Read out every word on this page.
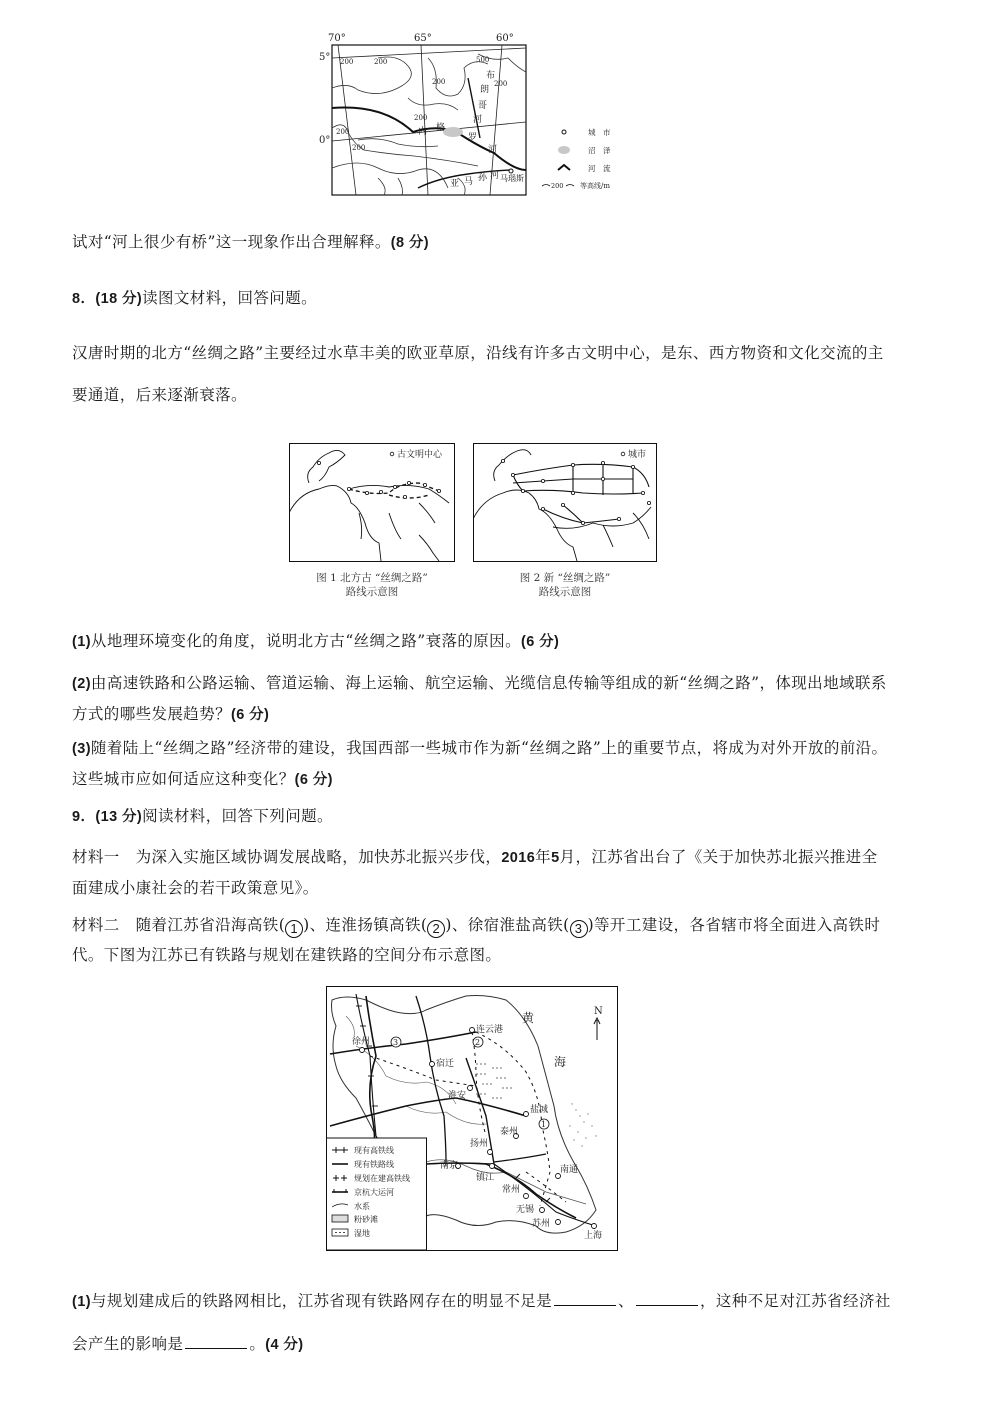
70°	65°	60°
5°
0°
200	200	500
200
200
200
200	200
布
朗
哥
河
内 格
罗
河
亚 马 孙 河 马瑙斯
城　市
沼　泽
河　流
200 等高线/m
试对“河上很少有桥”这一现象作出合理解释。(8 分)
8．(18 分)读图文材料，回答问题。
汉唐时期的北方“丝绸之路”主要经过水草丰美的欧亚草原，沿线有许多古文明中心，是东、西方物资和文化交流的主要通道，后来逐渐衰落。
古文明中心
图 1 北方古 “丝绸之路”
路线示意图
城市
图 2 新 “丝绸之路”
路线示意图
(1)从地理环境变化的角度，说明北方古“丝绸之路”衰落的原因。(6 分)
(2)由高速铁路和公路运输、管道运输、海上运输、航空运输、光缆信息传输等组成的新“丝绸之路”，体现出地域联系方式的哪些发展趋势？(6 分)
(3)随着陆上“丝绸之路”经济带的建设，我国西部一些城市作为新“丝绸之路”上的重要节点，将成为对外开放的前沿。这些城市应如何适应这种变化？(6 分)
9．(13 分)阅读材料，回答下列问题。
材料一　 为深入实施区域协调发展战略，加快苏北振兴步伐，2016年5月，江苏省出台了《关于加快苏北振兴推进全面建成小康社会的若干政策意见》。
材料二　 随着江苏省沿海高铁( 1 )、连淮扬镇高铁( 2 )、徐宿淮盐高铁( 3 )等开工建设，各省辖市将全面进入高铁时代。下图为江苏已有铁路与规划在建铁路的空间分布示意图。
N
黄
海
连云港
徐州
宿迁
淮安
盐城
扬州
泰州
南京
镇江
南通
常州
无锡
苏州
上海
1
2
3
现有高铁线
现有铁路线
规划在建高铁线
京杭大运河
水系
粉砂滩
湿地
(1)与规划建成后的铁路网相比，江苏省现有铁路网存在的明显不足是	、	，这种不足对江苏省经济社会产生的影响是	。(4 分)
